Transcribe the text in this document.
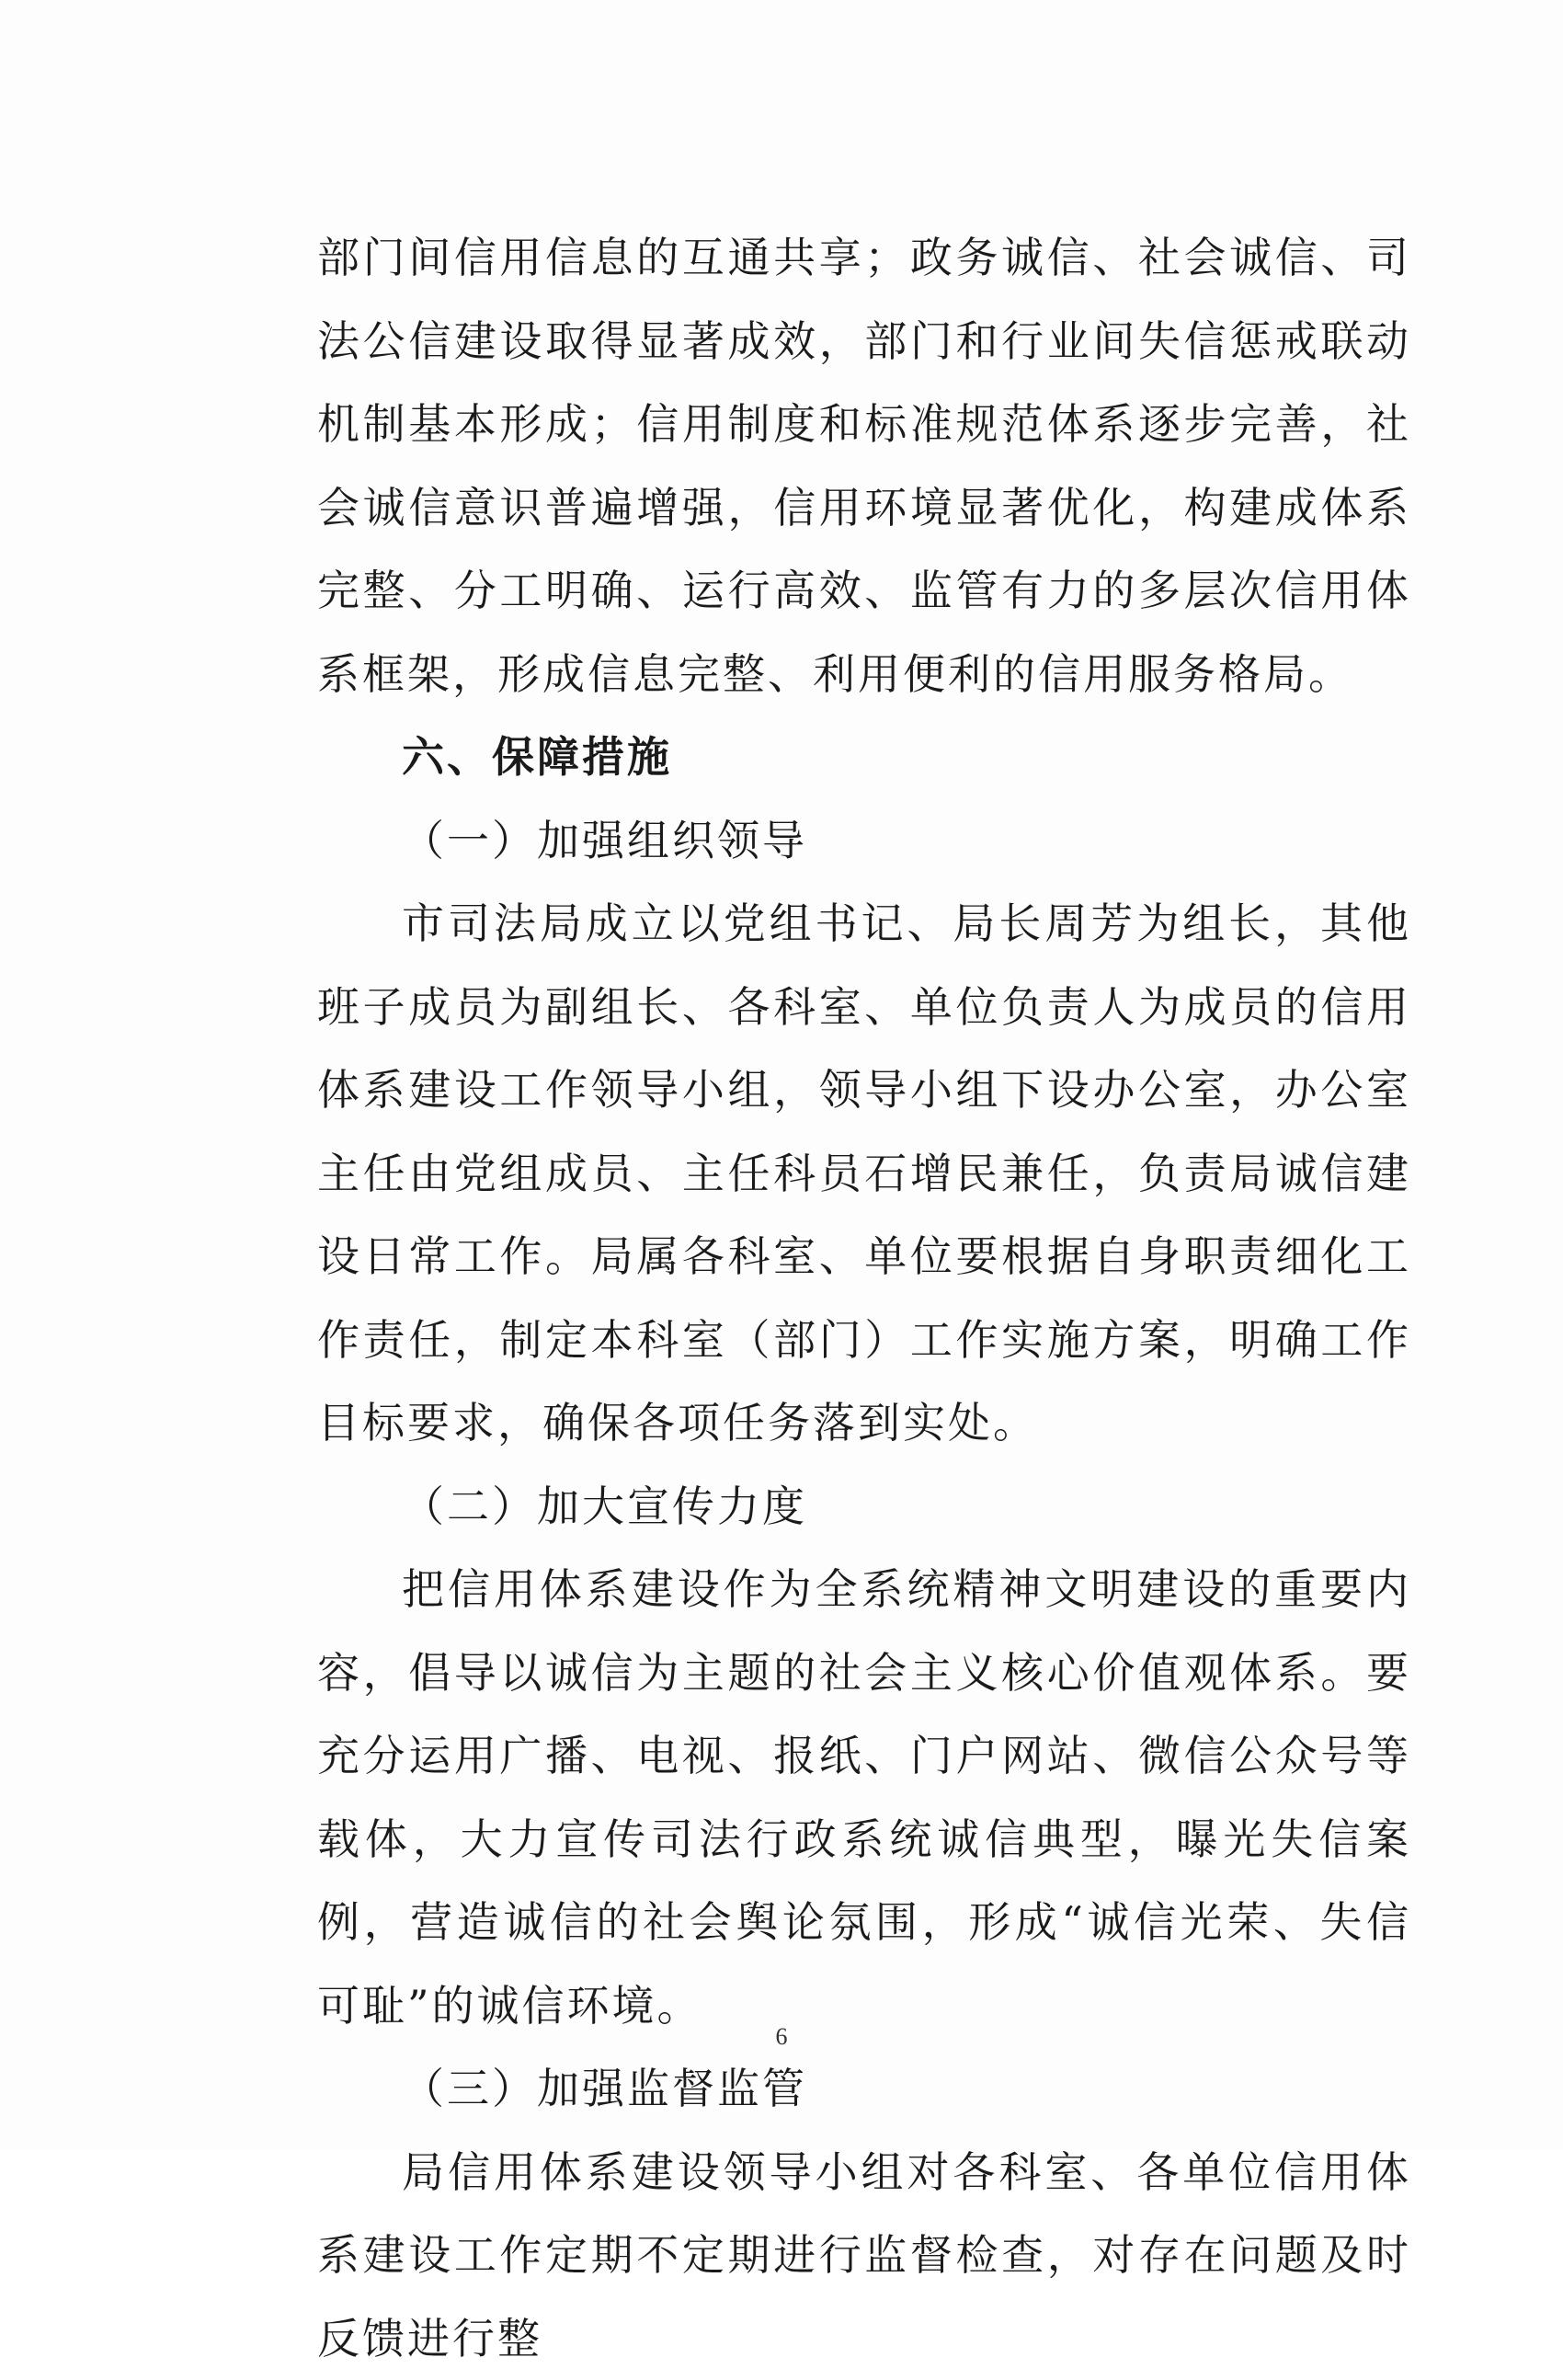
部门间信用信息的互通共享；政务诚信、社会诚信、司法公信建设取得显著成效，部门和行业间失信惩戒联动机制基本形成；信用制度和标准规范体系逐步完善，社会诚信意识普遍增强，信用环境显著优化，构建成体系完整、分工明确、运行高效、监管有力的多层次信用体系框架，形成信息完整、利用便利的信用服务格局。

六、保障措施

（一）加强组织领导

市司法局成立以党组书记、局长周芳为组长，其他班子成员为副组长、各科室、单位负责人为成员的信用体系建设工作领导小组，领导小组下设办公室，办公室主任由党组成员、主任科员石增民兼任，负责局诚信建设日常工作。局属各科室、单位要根据自身职责细化工作责任，制定本科室（部门）工作实施方案，明确工作目标要求，确保各项任务落到实处。

（二）加大宣传力度

把信用体系建设作为全系统精神文明建设的重要内容，倡导以诚信为主题的社会主义核心价值观体系。要充分运用广播、电视、报纸、门户网站、微信公众号等载体，大力宣传司法行政系统诚信典型，曝光失信案例，营造诚信的社会舆论氛围，形成“诚信光荣、失信可耻”的诚信环境。

（三）加强监督监管

局信用体系建设领导小组对各科室、各单位信用体系建设工作定期不定期进行监督检查，对存在问题及时反馈进行整

6
